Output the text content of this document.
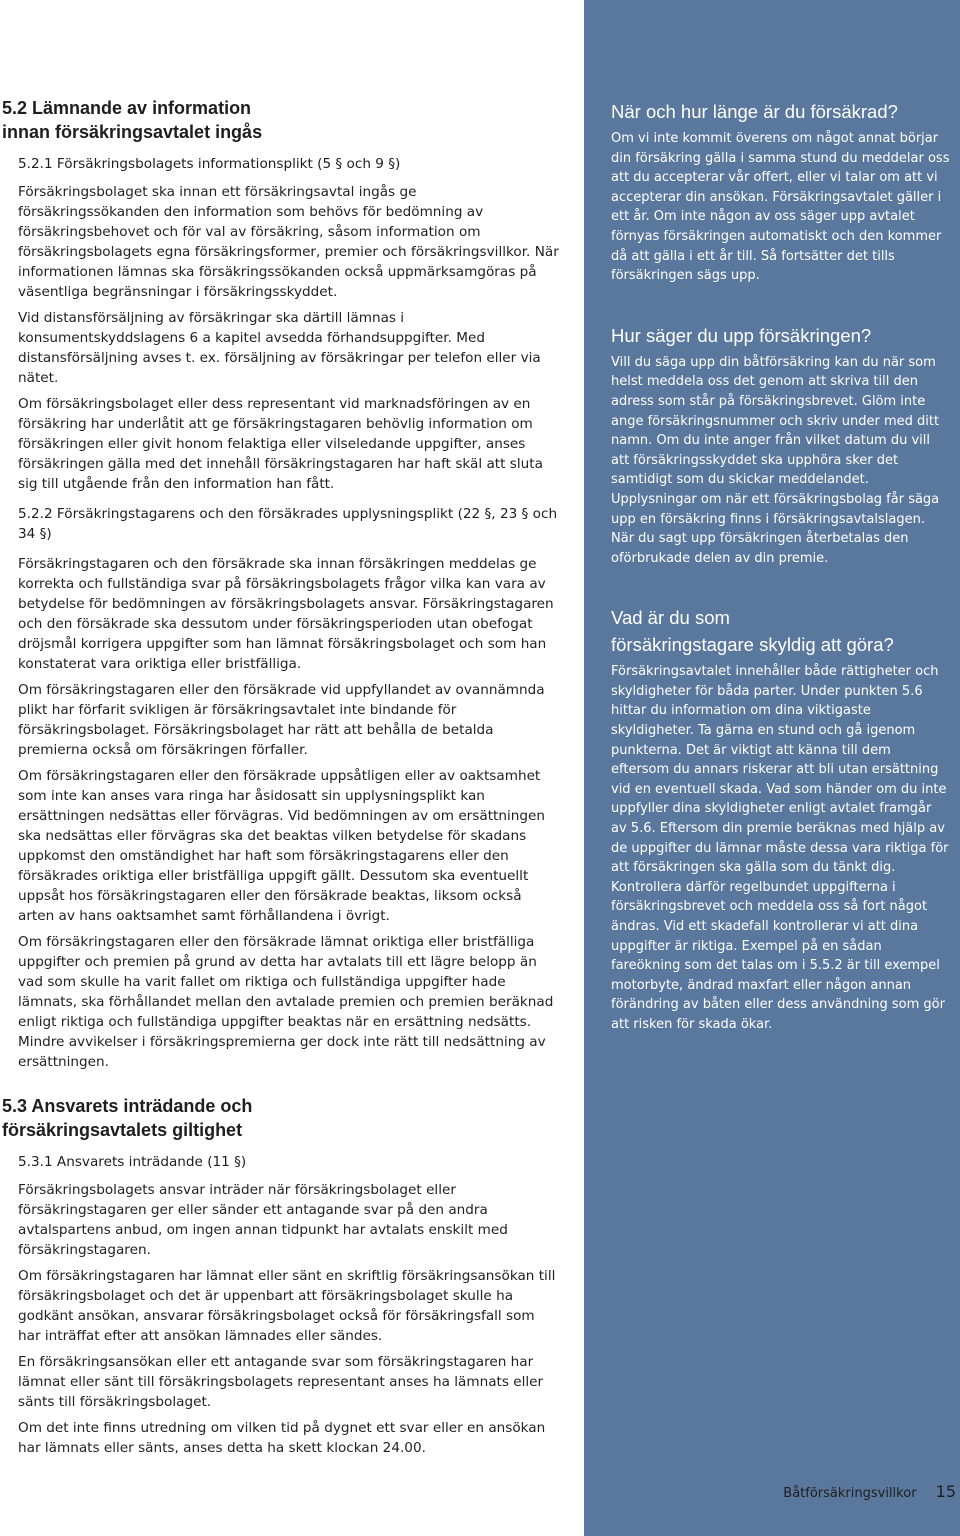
5.2 Lämnande av information
innan försäkringsavtalet ingås
5.2.1 Försäkringsbolagets informationsplikt (5 § och 9 §)

Försäkringsbolaget ska innan ett försäkringsavtal ingås ge försäkringssökanden den information som behövs för bedömning av försäkringsbehovet och för val av försäkring, såsom information om försäkringsbolagets egna försäkringsformer, premier och försäkringsvillkor. När informationen lämnas ska försäkringssökanden också uppmärksamgöras på väsentliga begränsningar i försäkringsskyddet.

Vid distansförsäljning av försäkringar ska därtill lämnas i konsumentskyddslagens 6 a kapitel avsedda förhandsuppgifter. Med distansförsäljning avses t. ex. försäljning av försäkringar per telefon eller via nätet.

Om försäkringsbolaget eller dess representant vid marknadsföringen av en försäkring har underlåtit att ge försäkringstagaren behövlig information om försäkringen eller givit honom felaktiga eller vilseledande uppgifter, anses försäkringen gälla med det innehåll försäkringstagaren har haft skäl att sluta sig till utgående från den information han fått.

5.2.2 Försäkringstagarens och den försäkrades upplysningsplikt (22 §, 23 § och 34 §)

Försäkringstagaren och den försäkrade ska innan försäkringen meddelas ge korrekta och fullständiga svar på försäkringsbolagets frågor vilka kan vara av betydelse för bedömningen av försäkringsbolagets ansvar. Försäkringstagaren och den försäkrade ska dessutom under försäkringsperioden utan obefogat dröjsmål korrigera uppgifter som han lämnat försäkringsbolaget och som han konstaterat vara oriktiga eller bristfälliga.

Om försäkringstagaren eller den försäkrade vid uppfyllandet av ovannämnda plikt har förfarit svikligen är försäkringsavtalet inte bindande för försäkringsbolaget. Försäkringsbolaget har rätt att behålla de betalda premierna också om försäkringen förfaller.

Om försäkringstagaren eller den försäkrade uppsåtligen eller av oaktsamhet som inte kan anses vara ringa har åsidosatt sin upplysningsplikt kan ersättningen nedsättas eller förvägras. Vid bedömningen av om ersättningen ska nedsättas eller förvägras ska det beaktas vilken betydelse för skadans uppkomst den omständighet har haft som försäkringstagarens eller den försäkrades oriktiga eller bristfälliga uppgift gällt. Dessutom ska eventuellt uppsåt hos försäkringstagaren eller den försäkrade beaktas, liksom också arten av hans oaktsamhet samt förhållandena i övrigt.

Om försäkringstagaren eller den försäkrade lämnat oriktiga eller bristfälliga uppgifter och premien på grund av detta har avtalats till ett lägre belopp än vad som skulle ha varit fallet om riktiga och fullständiga uppgifter hade lämnats, ska förhållandet mellan den avtalade premien och premien beräknad enligt riktiga och fullständiga uppgifter beaktas när en ersättning nedsätts. Mindre avvikelser i försäkringspremierna ger dock inte rätt till nedsättning av ersättningen.

5.3 Ansvarets inträdande och
försäkringsavtalets giltighet
5.3.1 Ansvarets inträdande (11 §)

Försäkringsbolagets ansvar inträder när försäkringsbolaget eller försäkringstagaren ger eller sänder ett antagande svar på den andra avtalspartens anbud, om ingen annan tidpunkt har avtalats enskilt med försäkringstagaren.

Om försäkringstagaren har lämnat eller sänt en skriftlig försäkringsansökan till försäkringsbolaget och det är uppenbart att försäkringsbolaget skulle ha godkänt ansökan, ansvarar försäkringsbolaget också för försäkringsfall som har inträffat efter att ansökan lämnades eller sändes.

En försäkringsansökan eller ett antagande svar som försäkringstagaren har lämnat eller sänt till försäkringsbolagets representant anses ha lämnats eller sänts till försäkringsbolaget.

Om det inte finns utredning om vilken tid på dygnet ett svar eller en ansökan har lämnats eller sänts, anses detta ha skett klockan 24.00.

När och hur länge är du försäkrad?

Om vi inte kommit överens om något annat börjar din försäkring gälla i samma stund du meddelar oss att du accepterar vår offert, eller vi talar om att vi accepterar din ansökan. Försäkringsavtalet gäller i ett år. Om inte någon av oss säger upp avtalet förnyas försäkringen automatiskt och den kommer då att gälla i ett år till. Så fortsätter det tills försäkringen sägs upp.

Hur säger du upp försäkringen?

Vill du säga upp din båtförsäkring kan du när som helst meddela oss det genom att skriva till den adress som står på försäkringsbrevet. Glöm inte ange försäkringsnummer och skriv under med ditt namn. Om du inte anger från vilket datum du vill att försäkringsskyddet ska upphöra sker det samtidigt som du skickar meddelandet. Upplysningar om när ett försäkringsbolag får säga upp en försäkring finns i försäkringsavtalslagen. När du sagt upp försäkringen återbetalas den oförbrukade delen av din premie.

Vad är du som
försäkringstagare skyldig att göra?

Försäkringsavtalet innehåller både rättigheter och skyldigheter för båda parter. Under punkten 5.6 hittar du information om dina viktigaste skyldigheter. Ta gärna en stund och gå igenom punkterna. Det är viktigt att känna till dem eftersom du annars riskerar att bli utan ersättning vid en eventuell skada. Vad som händer om du inte uppfyller dina skyldigheter enligt avtalet framgår av 5.6. Eftersom din premie beräknas med hjälp av de uppgifter du lämnar måste dessa vara riktiga för att försäkringen ska gälla som du tänkt dig. Kontrollera därför regelbundet uppgifterna i försäkringsbrevet och meddela oss så fort något ändras. Vid ett skadefall kontrollerar vi att dina uppgifter är riktiga. Exempel på en sådan fareökning som det talas om i 5.5.2 är till exempel motorbyte, ändrad maxfart eller någon annan förändring av båten eller dess användning som gör att risken för skada ökar.

Båtförsäkringsvillkor 15
